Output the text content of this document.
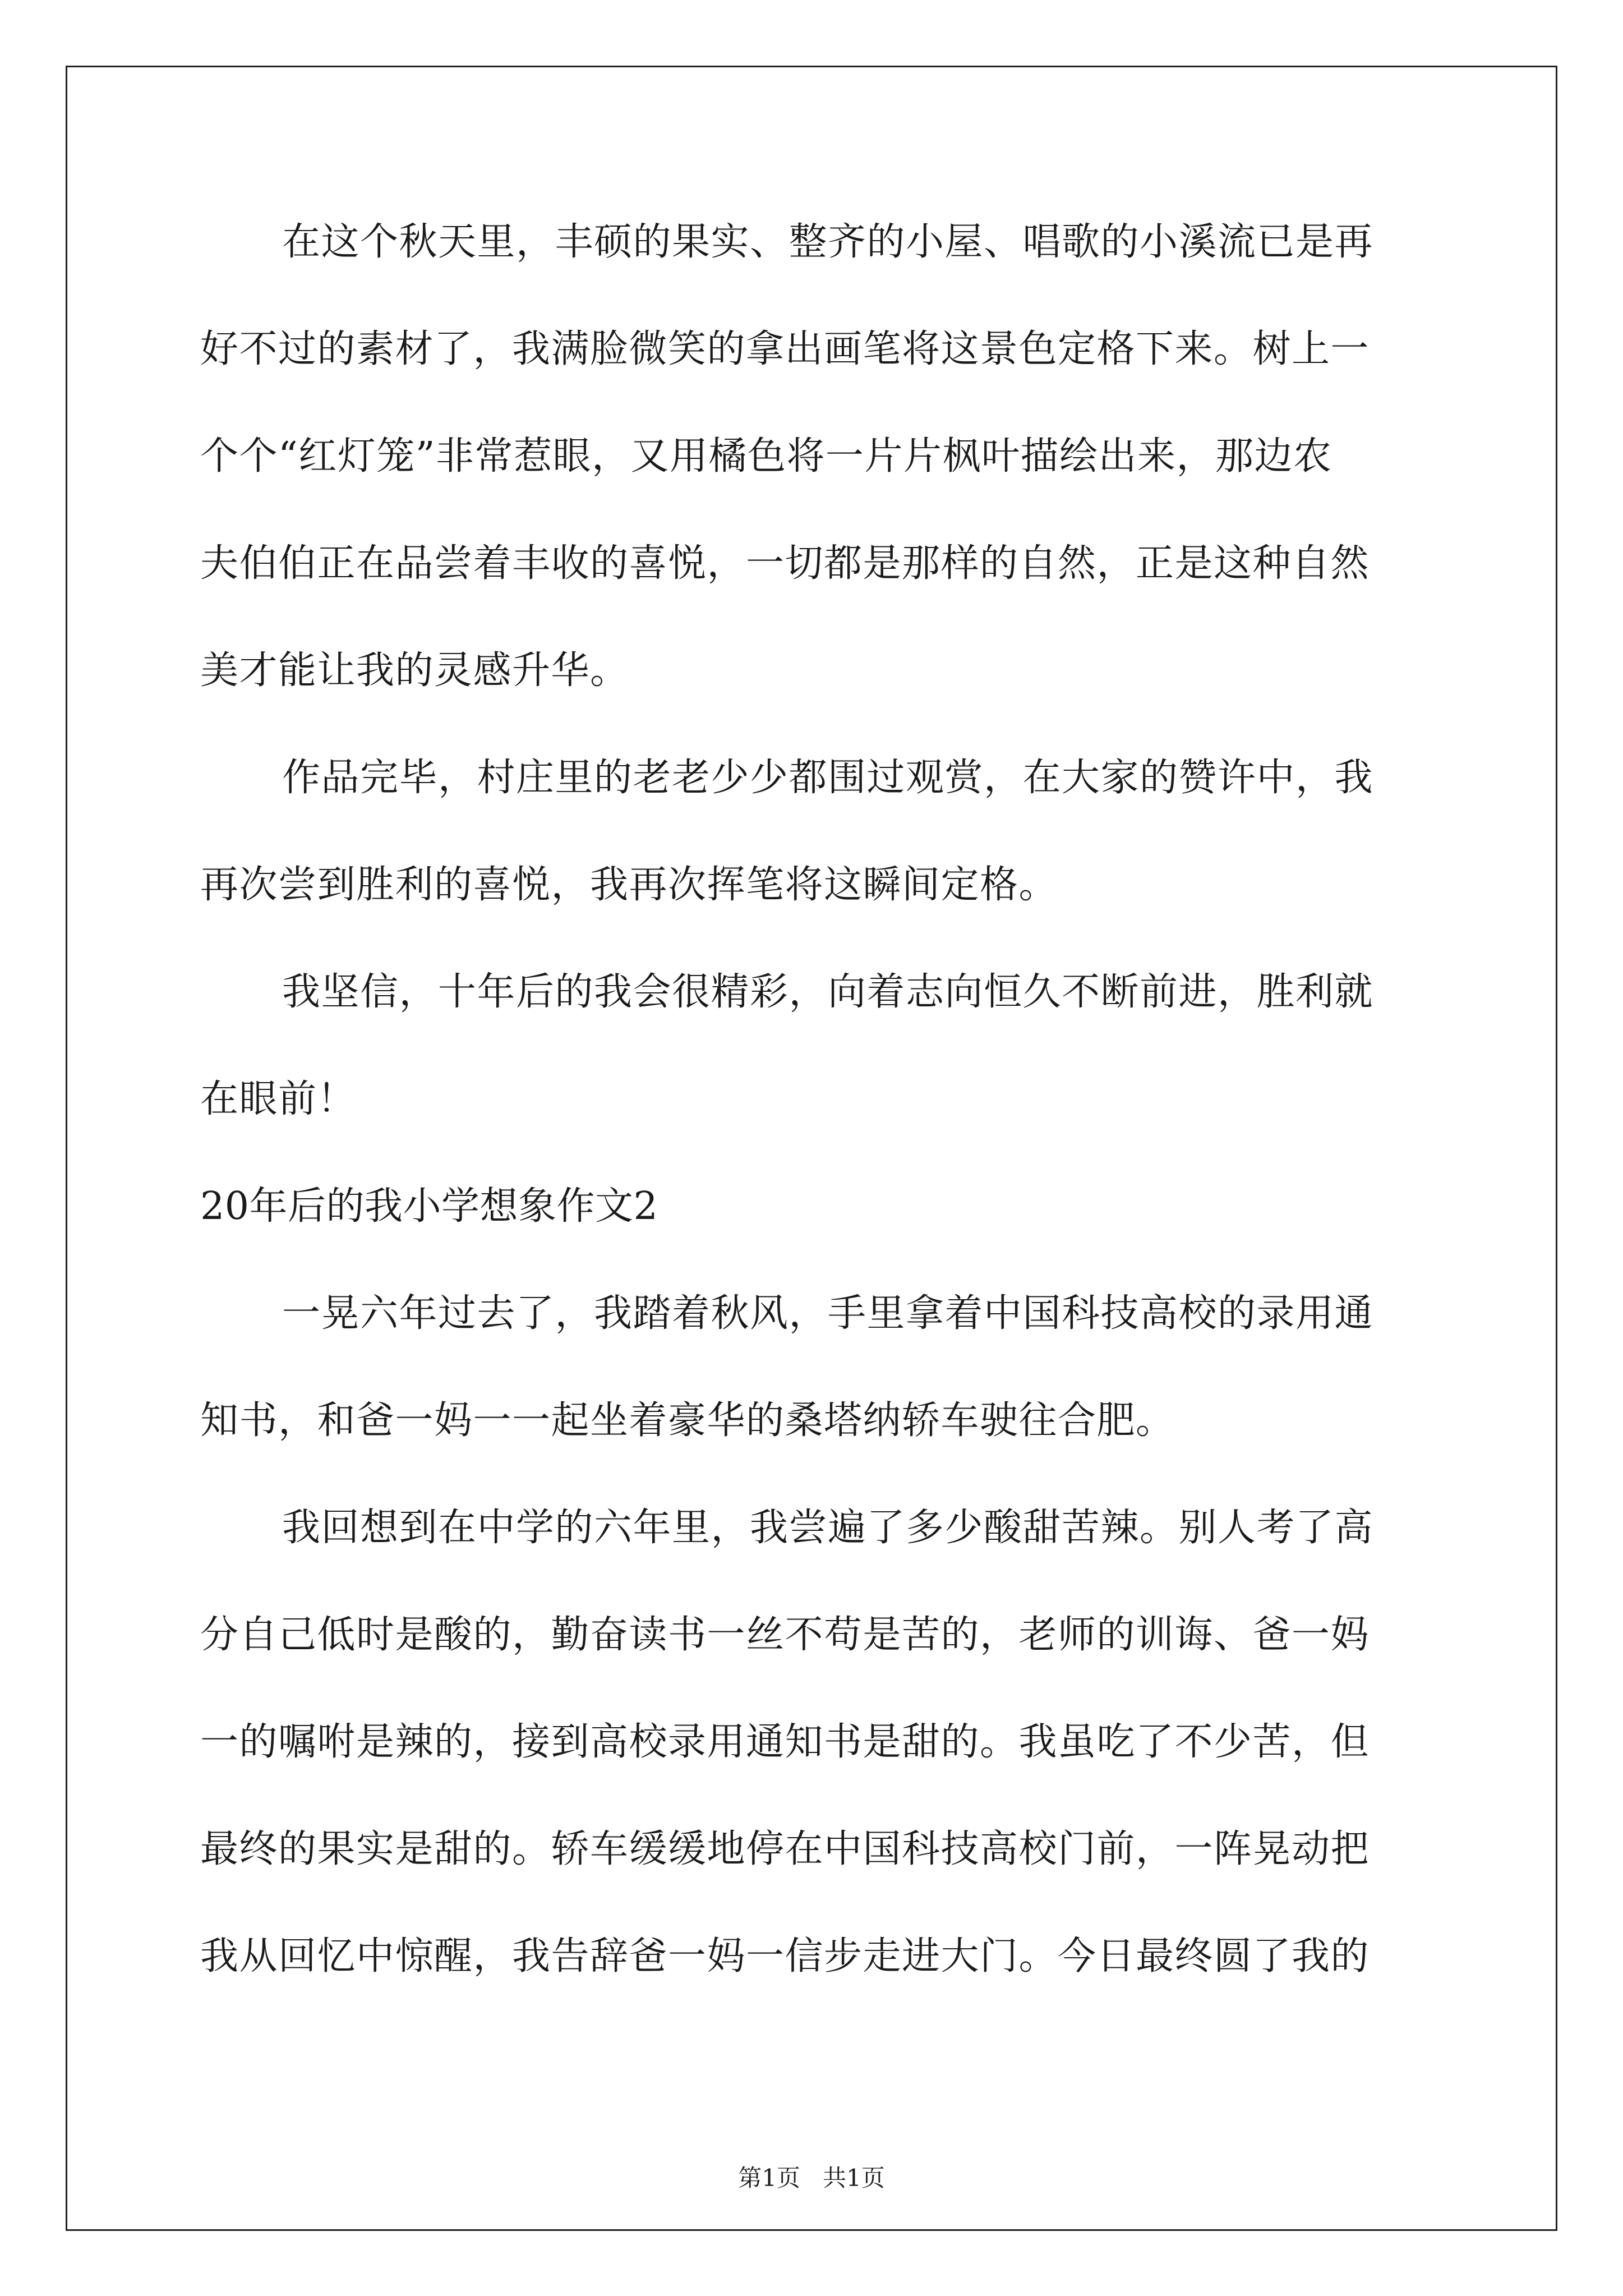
在这个秋天里，丰硕的果实、整齐的小屋、唱歌的小溪流已是再
好不过的素材了，我满脸微笑的拿出画笔将这景色定格下来。树上一
个个“红灯笼”非常惹眼，又用橘色将一片片枫叶描绘出来，那边农
夫伯伯正在品尝着丰收的喜悦，一切都是那样的自然，正是这种自然
美才能让我的灵感升华。
作品完毕，村庄里的老老少少都围过观赏，在大家的赞许中，我
再次尝到胜利的喜悦，我再次挥笔将这瞬间定格。
我坚信，十年后的我会很精彩，向着志向恒久不断前进，胜利就
在眼前！
20年后的我小学想象作文2
一晃六年过去了，我踏着秋风，手里拿着中国科技高校的录用通
知书，和爸一妈一一起坐着豪华的桑塔纳轿车驶往合肥。
我回想到在中学的六年里，我尝遍了多少酸甜苦辣。别人考了高
分自己低时是酸的，勤奋读书一丝不苟是苦的，老师的训诲、爸一妈
一的嘱咐是辣的，接到高校录用通知书是甜的。我虽吃了不少苦，但
最终的果实是甜的。轿车缓缓地停在中国科技高校门前，一阵晃动把
我从回忆中惊醒，我告辞爸一妈一信步走进大门。今日最终圆了我的
第1页   共1页
